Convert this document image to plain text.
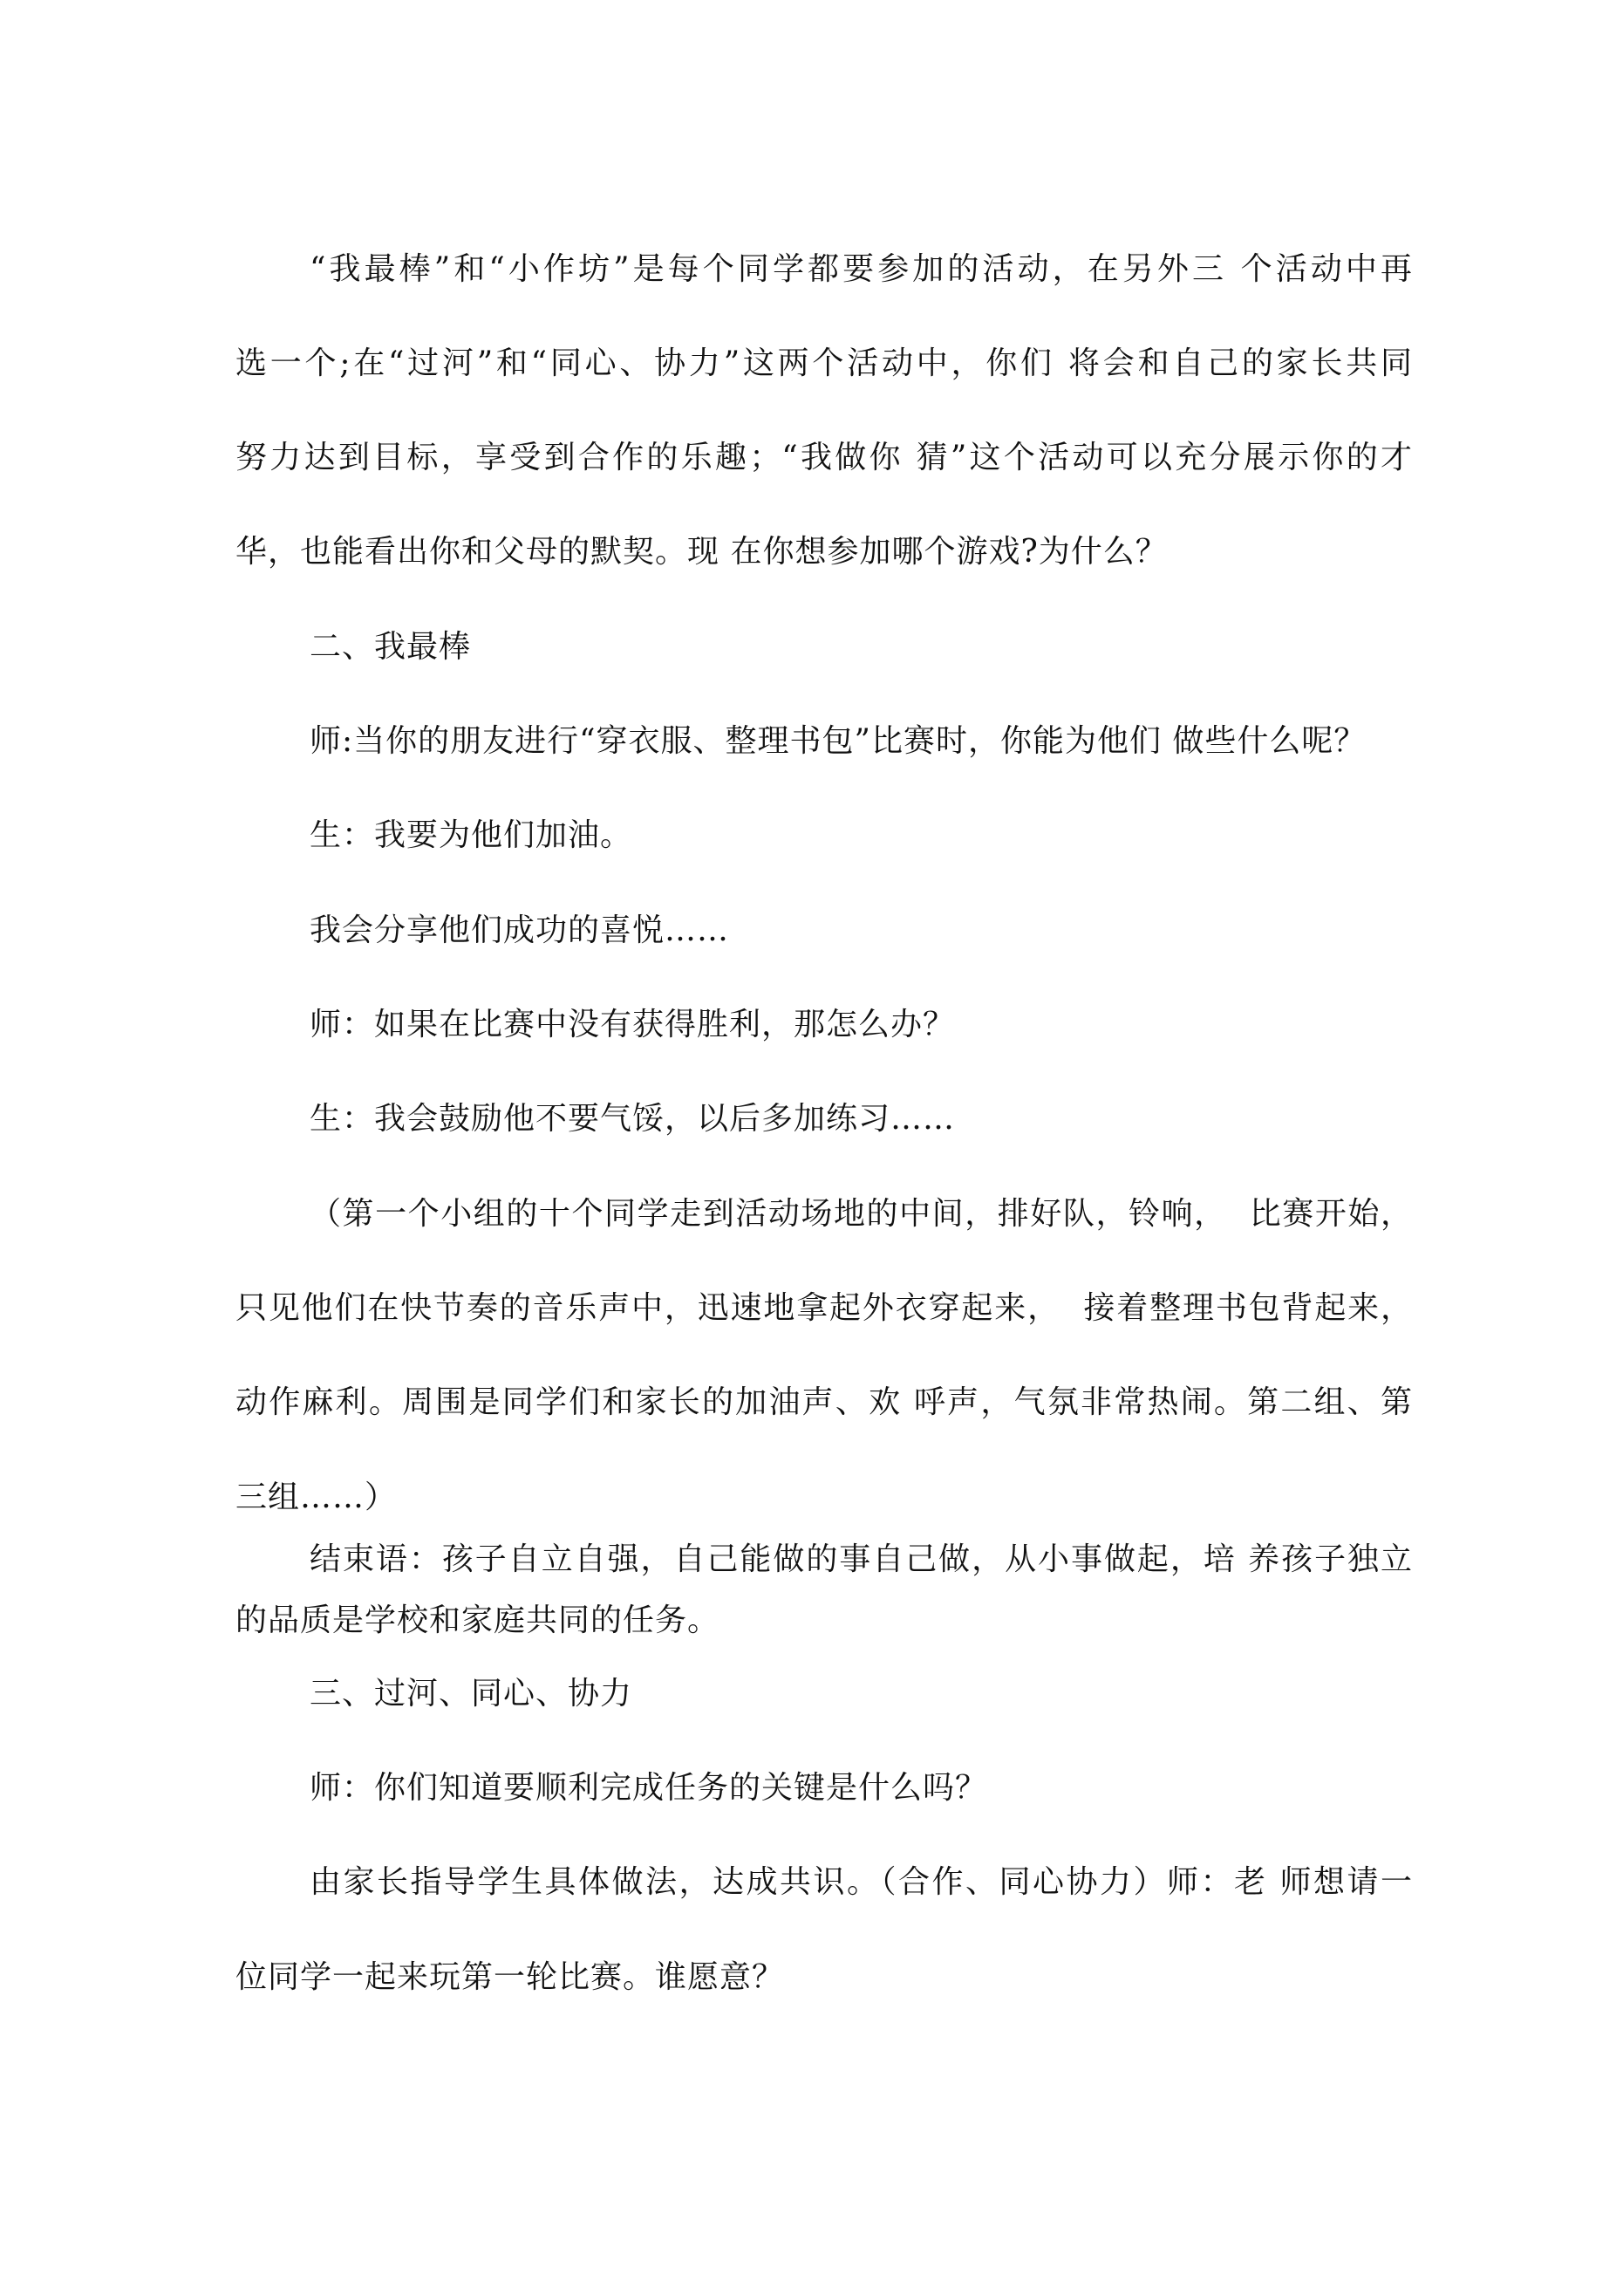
“我最棒”和“小作坊”是每个同学都要参加的活动，在另外三 个活动中再
选一个;在“过河”和“同心、协力”这两个活动中，你们 将会和自己的家长共同
努力达到目标，享受到合作的乐趣；“我做你 猜”这个活动可以充分展示你的才
华，也能看出你和父母的默契。现 在你想参加哪个游戏?为什么？
二、我最棒
师:当你的朋友进行“穿衣服、整理书包”比赛时，你能为他们 做些什么呢？
生：我要为他们加油。
我会分享他们成功的喜悦……
师：如果在比赛中没有获得胜利，那怎么办？
生：我会鼓励他不要气馁，以后多加练习……
（第一个小组的十个同学走到活动场地的中间，排好队，铃响，  比赛开始，
只见他们在快节奏的音乐声中，迅速地拿起外衣穿起来，  接着整理书包背起来，
动作麻利。周围是同学们和家长的加油声、欢 呼声，气氛非常热闹。第二组、第
三组……）
结束语：孩子自立自强，自己能做的事自己做，从小事做起，培 养孩子独立
的品质是学校和家庭共同的任务。
三、过河、同心、协力
师：你们知道要顺利完成任务的关键是什么吗？
由家长指导学生具体做法，达成共识。（合作、同心协力）师：老 师想请一
位同学一起来玩第一轮比赛。谁愿意？
